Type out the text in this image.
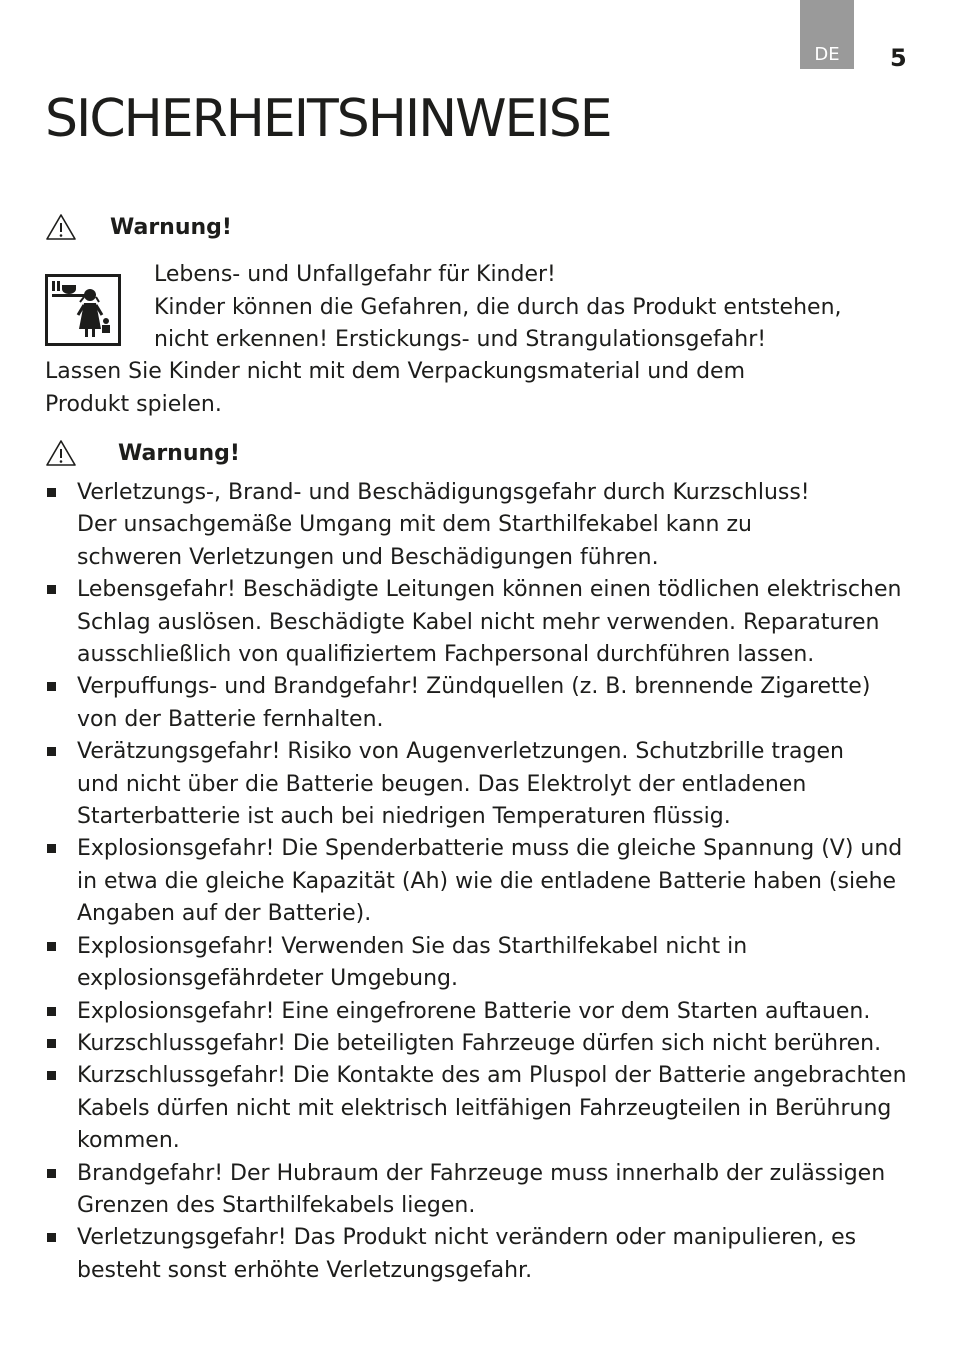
DE 5
SICHERHEITSHINWEISE
Warnung!
Lebens- und Unfallgefahr für Kinder!
Kinder können die Gefahren, die durch das Produkt entstehen,
nicht erkennen! Erstickungs- und Strangulationsgefahr!

Lassen Sie Kinder nicht mit dem Verpackungsmaterial und dem Produkt spielen.

Warnung!
Verletzungs-, Brand- und Beschädigungsgefahr durch Kurzschluss! Der unsachgemäße Umgang mit dem Starthilfekabel kann zu schweren Verletzungen und Beschädigungen führen.
Lebensgefahr! Beschädigte Leitungen können einen tödlichen elektrischen Schlag auslösen. Beschädigte Kabel nicht mehr verwenden. Reparaturen ausschließlich von qualifiziertem Fachpersonal durchführen lassen.
Verpuffungs- und Brandgefahr! Zündquellen (z. B. brennende Zigarette) von der Batterie fernhalten.
Verätzungsgefahr! Risiko von Augenverletzungen. Schutzbrille tragen und nicht über die Batterie beugen. Das Elektrolyt der entladenen Starterbatterie ist auch bei niedrigen Temperaturen flüssig.
Explosionsgefahr! Die Spenderbatterie muss die gleiche Spannung (V) und in etwa die gleiche Kapazität (Ah) wie die entladene Batterie haben (siehe Angaben auf der Batterie).
Explosionsgefahr! Verwenden Sie das Starthilfekabel nicht in explosionsgefährdeter Umgebung.
Explosionsgefahr! Eine eingefrorene Batterie vor dem Starten auftauen.
Kurzschlussgefahr! Die beteiligten Fahrzeuge dürfen sich nicht berühren.
Kurzschlussgefahr! Die Kontakte des am Pluspol der Batterie angebrachten Kabels dürfen nicht mit elektrisch leitfähigen Fahrzeugteilen in Berührung kommen.
Brandgefahr! Der Hubraum der Fahrzeuge muss innerhalb der zulässigen Grenzen des Starthilfekabels liegen.
Verletzungsgefahr! Das Produkt nicht verändern oder manipulieren, es besteht sonst erhöhte Verletzungsgefahr.
